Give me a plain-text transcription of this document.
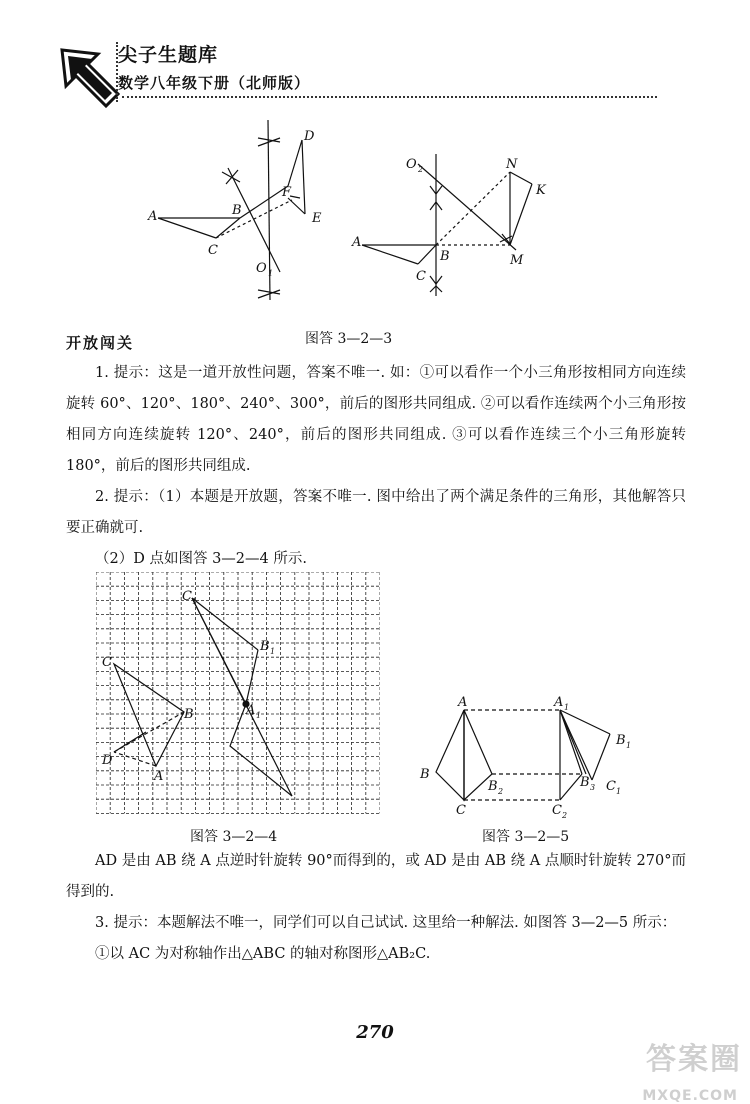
尖子生题库
数学八年级下册（北师版）
A	B
C
D
E
F
O 1
O 2	N
K
M
A
B
C
图答 3—2—3
开放闯关

1. 提示：这是一道开放性问题，答案不唯一. 如：①可以看作一个小三角形按相同方向连续旋转 60°、120°、180°、240°、300°，前后的图形共同组成. ②可以看作连续两个小三角形按相同方向连续旋转 120°、240°，前后的图形共同组成. ③可以看作连续三个小三角形旋转 180°，前后的图形共同组成.

2. 提示：（1）本题是开放题，答案不唯一. 图中给出了两个满足条件的三角形，其他解答只要正确就可.

（2）D 点如图答 3—2—4 所示.

C
B
D
A
C 1
B 1
A 1
图答 3—2—4
A
B
C
B 2
A 1
B 1
B 3 C 1
C 2
图答 3—2—5

AD 是由 AB 绕 A 点逆时针旋转 90°而得到的，或 AD 是由 AB 绕 A 点顺时针旋转 270°而得到的.

3. 提示：本题解法不唯一，同学们可以自己试试. 这里给一种解法. 如图答 3—2—5 所示：

①以 AC 为对称轴作出△ABC 的轴对称图形△AB₂C.

270
答案圈
MXQE.COM
